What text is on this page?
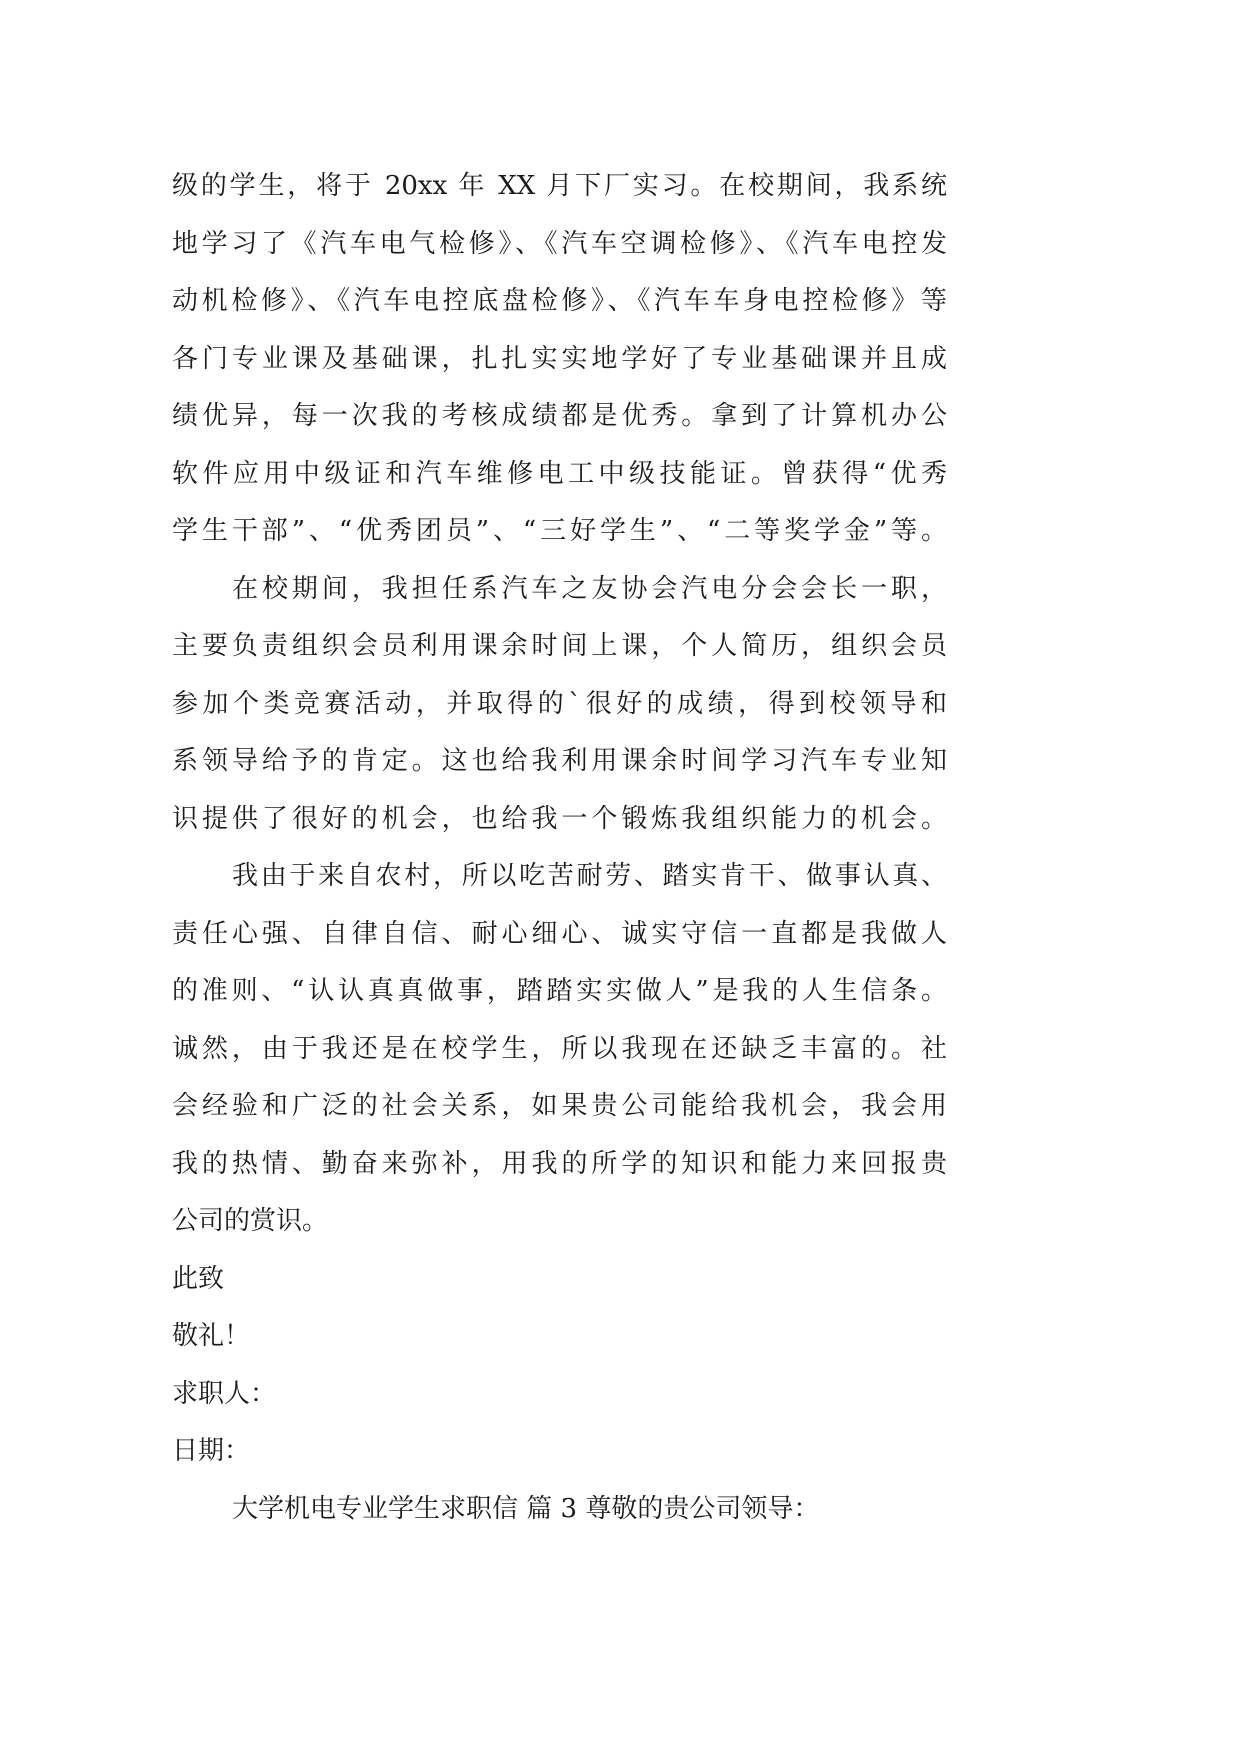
级的学生，将于 20xx 年 XX 月下厂实习。在校期间，我系统
地学习了《汽车电气检修》、《汽车空调检修》、《汽车电控发
动机检修》、《汽车电控底盘检修》、《汽车车身电控检修》等
各门专业课及基础课，扎扎实实地学好了专业基础课并且成
绩优异，每一次我的考核成绩都是优秀。拿到了计算机办公
软件应用中级证和汽车维修电工中级技能证。曾获得“优秀
学生干部”、“优秀团员”、“三好学生”、“二等奖学金”等。
在校期间，我担任系汽车之友协会汽电分会会长一职，
主要负责组织会员利用课余时间上课，个人简历，组织会员
参加个类竞赛活动，并取得的`很好的成绩，得到校领导和
系领导给予的肯定。这也给我利用课余时间学习汽车专业知
识提供了很好的机会，也给我一个锻炼我组织能力的机会。
我由于来自农村，所以吃苦耐劳、踏实肯干、做事认真、
责任心强、自律自信、耐心细心、诚实守信一直都是我做人
的准则、“认认真真做事，踏踏实实做人”是我的人生信条。
诚然，由于我还是在校学生，所以我现在还缺乏丰富的。社
会经验和广泛的社会关系，如果贵公司能给我机会，我会用
我的热情、勤奋来弥补，用我的所学的知识和能力来回报贵
公司的赏识。
此致
敬礼！
求职人：
日期：
大学机电专业学生求职信 篇 3 尊敬的贵公司领导：
